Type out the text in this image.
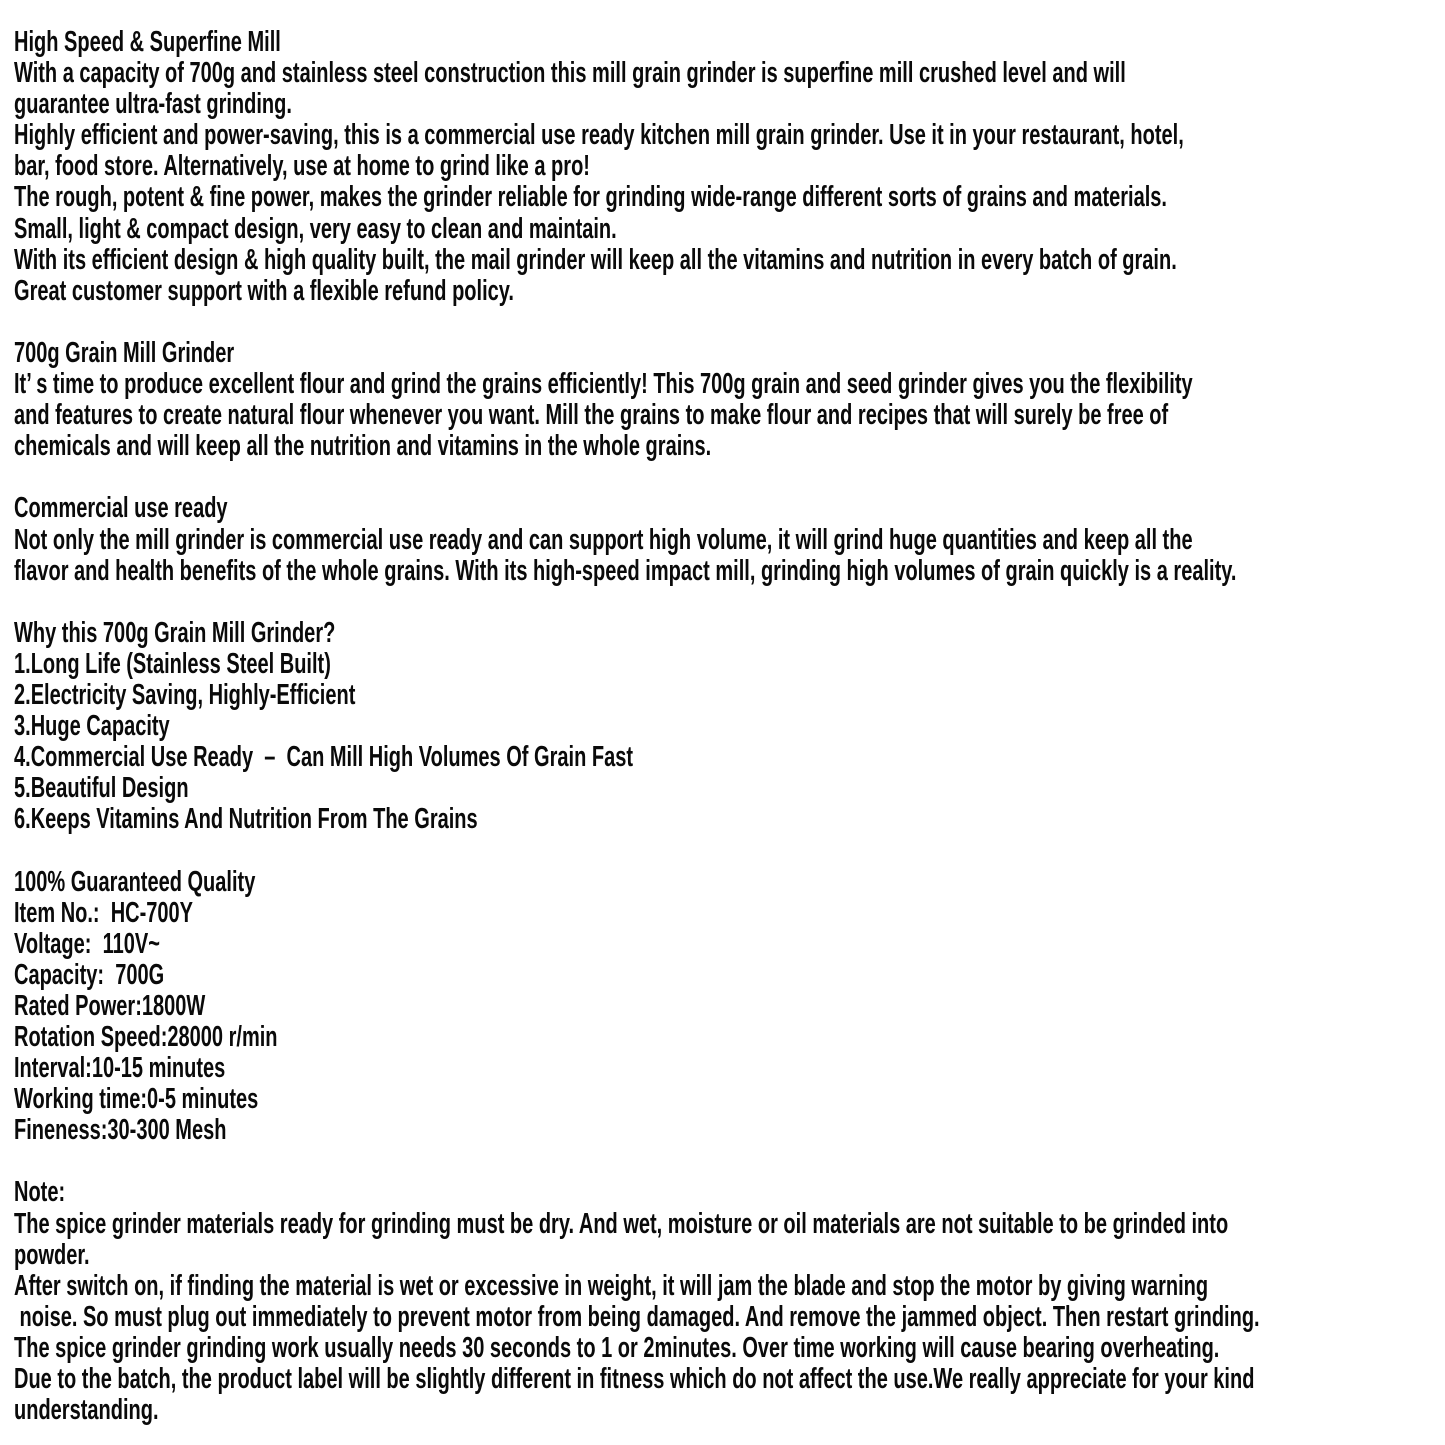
High Speed & Superfine Mill
With a capacity of 700g and stainless steel construction this mill grain grinder is superfine mill crushed level and will
guarantee ultra-fast grinding.
Highly efficient and power-saving, this is a commercial use ready kitchen mill grain grinder. Use it in your restaurant, hotel,
bar, food store. Alternatively, use at home to grind like a pro!
The rough, potent & fine power, makes the grinder reliable for grinding wide-range different sorts of grains and materials.
Small, light & compact design, very easy to clean and maintain.
With its efficient design & high quality built, the mail grinder will keep all the vitamins and nutrition in every batch of grain.
Great customer support with a flexible refund policy.
700g Grain Mill Grinder
It’ s time to produce excellent flour and grind the grains efficiently! This 700g grain and seed grinder gives you the flexibility
and features to create natural flour whenever you want. Mill the grains to make flour and recipes that will surely be free of
chemicals and will keep all the nutrition and vitamins in the whole grains.
Commercial use ready
Not only the mill grinder is commercial use ready and can support high volume, it will grind huge quantities and keep all the
flavor and health benefits of the whole grains. With its high-speed impact mill, grinding high volumes of grain quickly is a reality.
Why this 700g Grain Mill Grinder?
1.Long Life (Stainless Steel Built)
2.Electricity Saving, Highly-Efficient
3.Huge Capacity
4.Commercial Use Ready  –  Can Mill High Volumes Of Grain Fast
5.Beautiful Design
6.Keeps Vitamins And Nutrition From The Grains
100% Guaranteed Quality
Item No.:  HC-700Y
Voltage:  110V~
Capacity:  700G
Rated Power:1800W
Rotation Speed:28000 r/min
Interval:10-15 minutes
Working time:0-5 minutes
Fineness:30-300 Mesh
Note:
The spice grinder materials ready for grinding must be dry. And wet, moisture or oil materials are not suitable to be grinded into
powder.
After switch on, if finding the material is wet or excessive in weight, it will jam the blade and stop the motor by giving warning
noise. So must plug out immediately to prevent motor from being damaged. And remove the jammed object. Then restart grinding.
The spice grinder grinding work usually needs 30 seconds to 1 or 2minutes. Over time working will cause bearing overheating.
Due to the batch, the product label will be slightly different in fitness which do not affect the use.We really appreciate for your kind
understanding.
